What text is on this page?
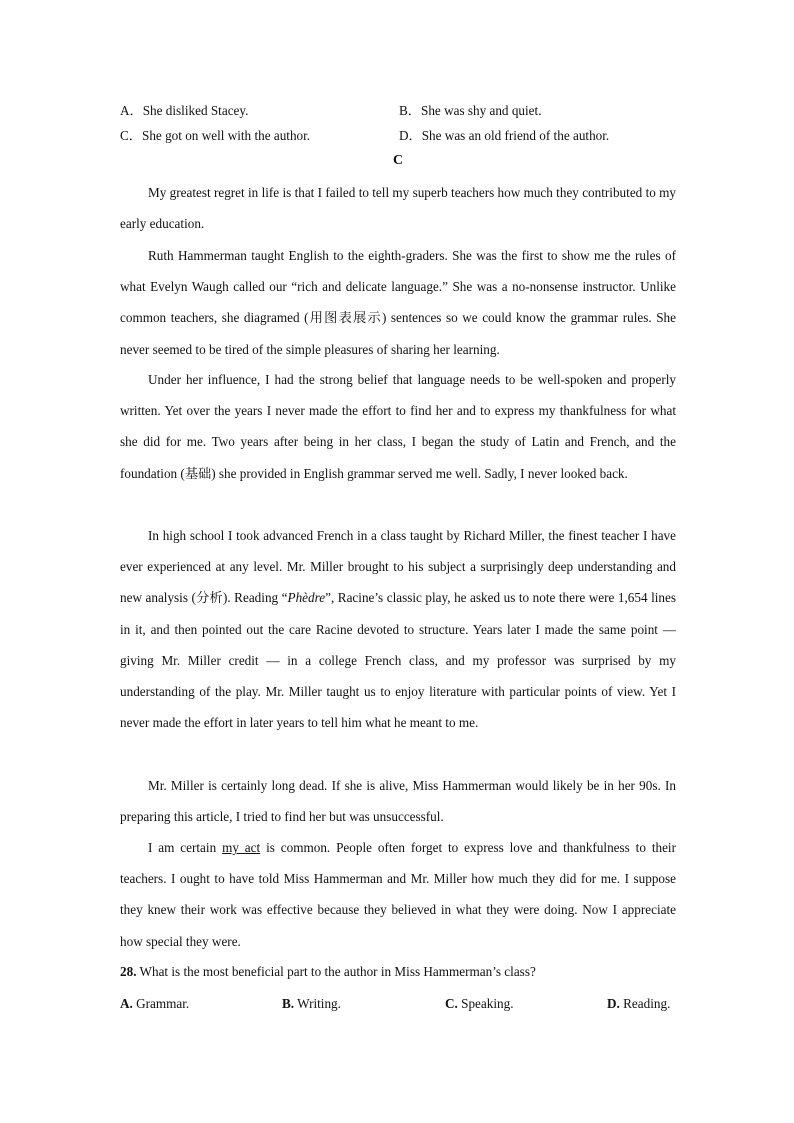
A．She disliked Stacey.	B．She was shy and quiet.
C．She got on well with the author.	D．She was an old friend of the author.
C

My greatest regret in life is that I failed to tell my superb teachers how much they contributed to my early education.

Ruth Hammerman taught English to the eighth-graders. She was the first to show me the rules of what Evelyn Waugh called our “rich and delicate language.” She was a no-nonsense instructor. Unlike common teachers, she diagramed (用图表展示) sentences so we could know the grammar rules. She never seemed to be tired of the simple pleasures of sharing her learning.

Under her influence, I had the strong belief that language needs to be well-spoken and properly written. Yet over the years I never made the effort to find her and to express my thankfulness for what she did for me. Two years after being in her class, I began the study of Latin and French, and the foundation (基础) she provided in English grammar served me well. Sadly, I never looked back.

In high school I took advanced French in a class taught by Richard Miller, the finest teacher I have ever experienced at any level. Mr. Miller brought to his subject a surprisingly deep understanding and new analysis (分析). Reading “Phèdre”, Racine’s classic play, he asked us to note there were 1,654 lines in it, and then pointed out the care Racine devoted to structure. Years later I made the same point — giving Mr. Miller credit — in a college French class, and my professor was surprised by my understanding of the play. Mr. Miller taught us to enjoy literature with particular points of view. Yet I never made the effort in later years to tell him what he meant to me.

Mr. Miller is certainly long dead. If she is alive, Miss Hammerman would likely be in her 90s. In preparing this article, I tried to find her but was unsuccessful.

I am certain my act is common. People often forget to express love and thankfulness to their teachers. I ought to have told Miss Hammerman and Mr. Miller how much they did for me. I suppose they knew their work was effective because they believed in what they were doing. Now I appreciate how special they were.

28. What is the most beneficial part to the author in Miss Hammerman’s class?
A. Grammar.	B. Writing.	C. Speaking.	D. Reading.
